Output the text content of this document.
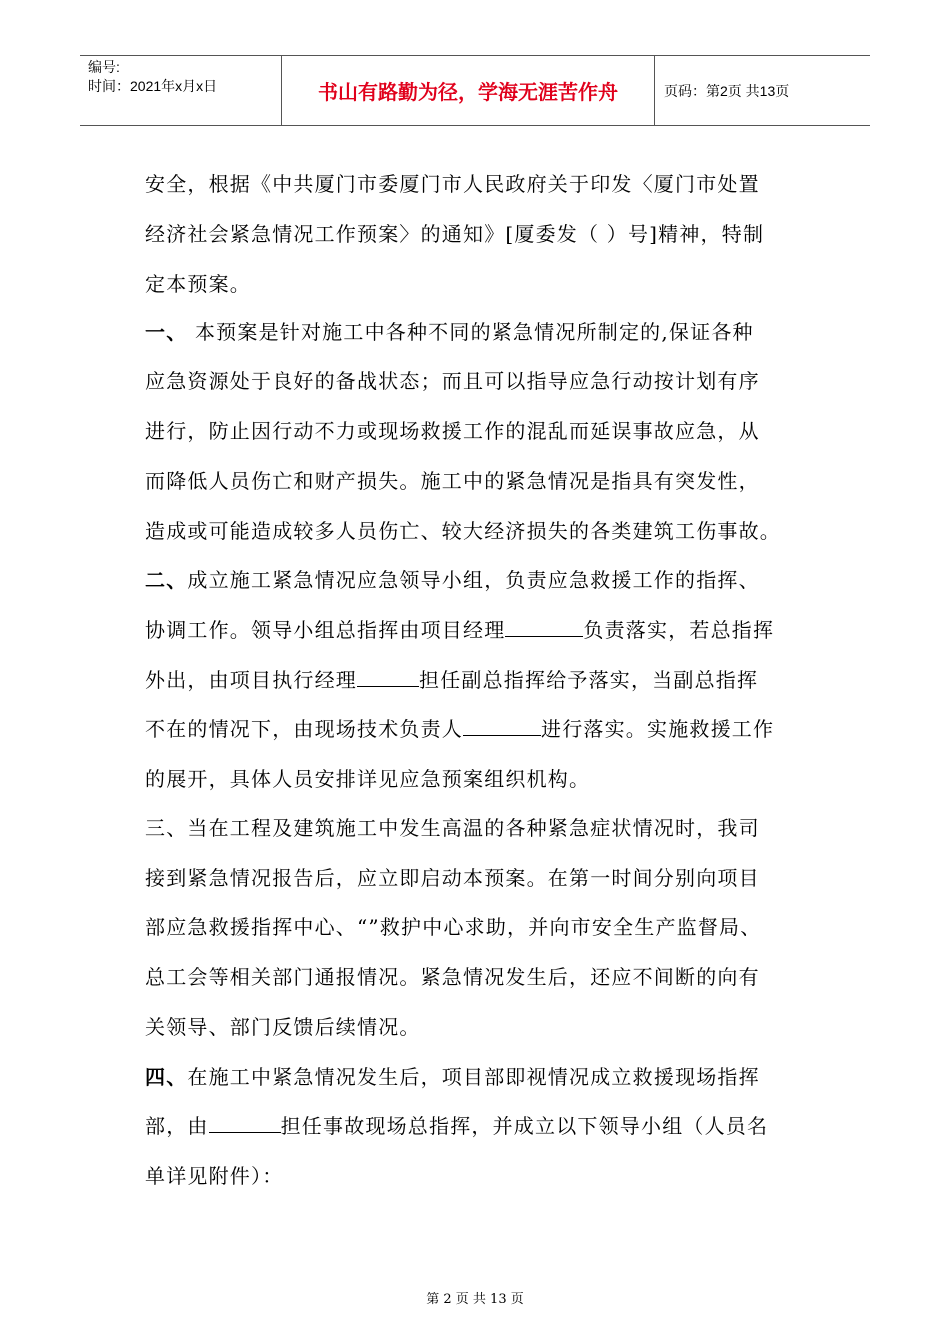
编号:
时间：2021年x月x日	书山有路勤为径，学海无涯苦作舟	页码：第2页 共13页
安全，根据《中共厦门市委厦门市人民政府关于印发〈厦门市处置
经济社会紧急情况工作预案〉的通知》[厦委发（ ）号]精神，特制
定本预案。
一、 本预案是针对施工中各种不同的紧急情况所制定的,保证各种
应急资源处于良好的备战状态；而且可以指导应急行动按计划有序
进行，防止因行动不力或现场救援工作的混乱而延误事故应急，从
而降低人员伤亡和财产损失。施工中的紧急情况是指具有突发性，
造成或可能造成较多人员伤亡、较大经济损失的各类建筑工伤事故。
二、成立施工紧急情况应急领导小组，负责应急救援工作的指挥、
协调工作。领导小组总指挥由项目经理	负责落实，若总指挥
外出，由项目执行经理	担任副总指挥给予落实，当副总指挥
不在的情况下，由现场技术负责人	进行落实。实施救援工作
的展开，具体人员安排详见应急预案组织机构。
三、当在工程及建筑施工中发生高温的各种紧急症状情况时，我司
接到紧急情况报告后，应立即启动本预案。在第一时间分别向项目
部应急救援指挥中心、“”救护中心求助，并向市安全生产监督局、
总工会等相关部门通报情况。紧急情况发生后，还应不间断的向有
关领导、部门反馈后续情况。
四、在施工中紧急情况发生后，项目部即视情况成立救援现场指挥
部，由	担任事故现场总指挥，并成立以下领导小组（人员名
单详见附件）：
第 2 页 共 13 页
